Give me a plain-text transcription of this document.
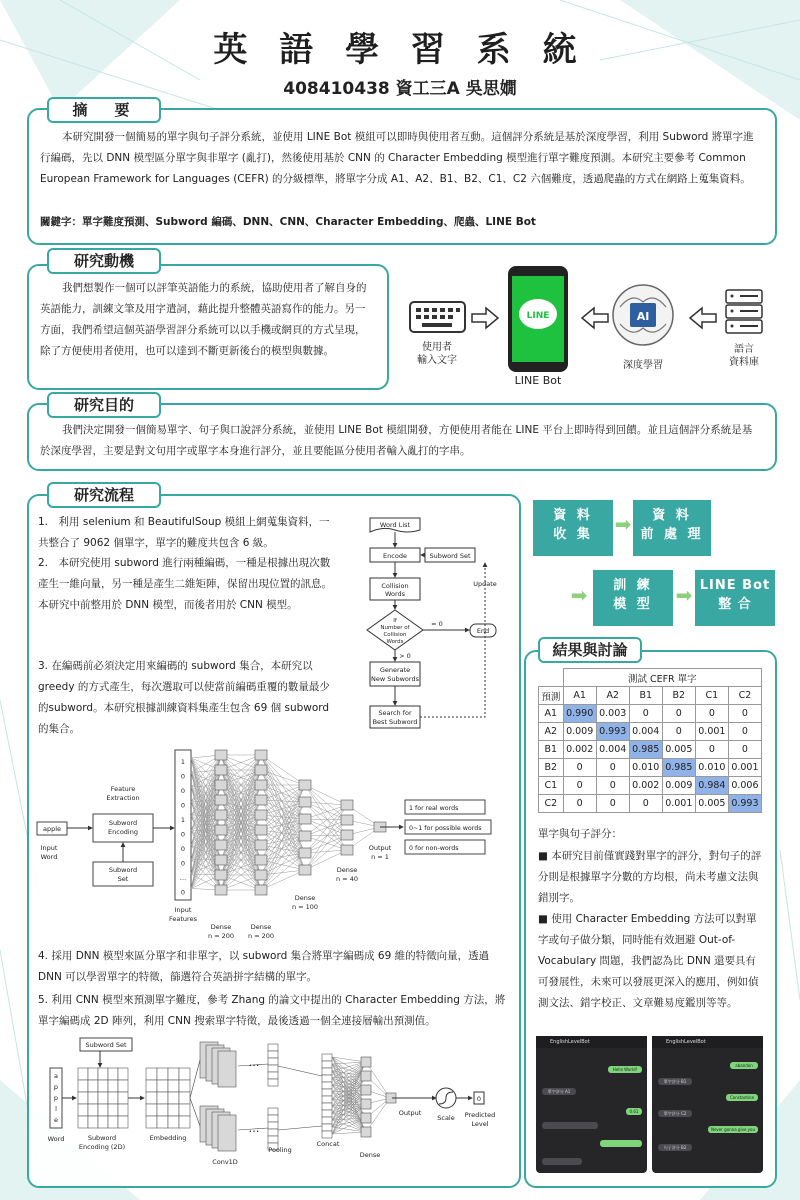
英 語 學 習 系 統
408410438 資工三A 吳思嫺
摘　要
本研究開發一個簡易的單字與句子評分系統，並使用 LINE Bot 模組可以即時與使用者互動。這個評分系統是基於深度學習，利用 Subword 將單字進行編碼，先以 DNN 模型區分單字與非單字 (亂打)，然後使用基於 CNN 的 Character Embedding 模型進行單字難度預測。本研究主要參考 Common European Framework for Languages (CEFR) 的分級標準，將單字分成 A1、A2、B1、B2、C1、C2 六個難度，透過爬蟲的方式在網路上蒐集資料。
關鍵字：單字難度預測、Subword 編碼、DNN、CNN、Character Embedding、爬蟲、LINE Bot
研究動機
我們想製作一個可以評筆英語能力的系統，協助使用者了解自身的英語能力，訓練文筆及用字遣詞，藉此提升整體英語寫作的能力。另一方面，我們希望這個英語學習評分系統可以以手機或網頁的方式呈現，除了方便使用者使用，也可以達到不斷更新後台的模型與數據。	使用者
輸入文字
LINE
LINE Bot
AI
深度學習
語言
資料庫
研究目的
我們決定開發一個簡易單字、句子與口說評分系統，並使用 LINE Bot 模組開發，方便使用者能在 LINE 平台上即時得到回饋。並且這個評分系統是基於深度學習，主要是對文句用字或單字本身進行評分，並且要能區分使用者輸入亂打的字串。
研究流程
1.　利用 selenium 和 BeautifulSoup 模組上網蒐集資料，一共整合了 9062 個單字，單字的難度共包含 6 級。
2.　本研究使用 subword 進行兩種編碼，一種是根據出現次數產生一維向量，另一種是產生二維矩陣，保留出現位置的訊息。本研究中前整用於 DNN 模型，而後者用於 CNN 模型。
3. 在編碼前必須決定用來編碼的 subword 集合，本研究以 greedy 的方式產生，每次選取可以使當前編碼重覆的數量最少的subword。本研究根據訓練資料集產生包含 69 個 subword 的集合。
Word List
Encode	Subword Set
Update
Collision
Words
If
Number of
Collision
Words
= 0
> 0
End
Generate
New Subwords
Search for
Best Subword
1
0
0
0
1
0
0
0
…
0
apple
Feature
Extraction
Subword
Encoding
Input
Word
Subword
Set
Input
Features
Dense
n = 200
Dense
n = 200
Dense
n = 100
Dense
n = 40
Output
n = 1
1 for real words
0~1 for possible words
0 for non-words
4. 採用 DNN 模型來區分單字和非單字，以 subword 集合將單字編碼成 69 維的特徵向量，透過 DNN 可以學習單字的特徵，篩選符合英語拼字結構的單字。
5. 利用 CNN 模型來預測單字難度，參考 Zhang 的論文中提出的 Character Embedding 方法，將單字編碼成 2D 陣列，利用 CNN 搜索單字特徵，最後透過一個全連接層輸出預測值。
a
p
p
l
e
Subword Set
Word	Subword
Encoding (2D)
Embedding
Conv1D
Pooling
Concat
Dense
Output
Scale Predicted
Level
0
…
…
資 料
收 集	➡	資 料
前 處 理
➡	訓 練
模 型	➡ LINE Bot
整 合
結果與討論
	測試 CEFR 單字					
預測	A1	A2	B1	B2	C1	C2
A1	0.990	0.003	0	0	0	0
A2	0.009	0.993	0.004	0	0.001	0
B1	0.002	0.004	0.985	0.005	0	0
B2	0	0	0.010	0.985	0.010	0.001
C1	0	0	0.002	0.009	0.984	0.006
C2	0	0	0	0.001	0.005	0.993
單字與句子評分：
■ 本研究目前僅實踐對單字的評分，對句子的評分則是根據單字分數的方均根，尚未考慮文法與錯別字。
■ 使用 Character Embedding 方法可以對單字或句子做分類，同時能有效迴避 Out-of-Vocabulary 問題，我們認為比 DNN 還要具有可發展性，未來可以發展更深入的應用，例如偵測文法、錯字校正、文章難易度鑑別等等。
EnglishLevelBot
Hello World!
單字評分 A1
0.61
EnglishLevelBot
abandon
單字評分 B1
Constantine
單字評分 C2
Never gonna give you up
句子評分 B2
